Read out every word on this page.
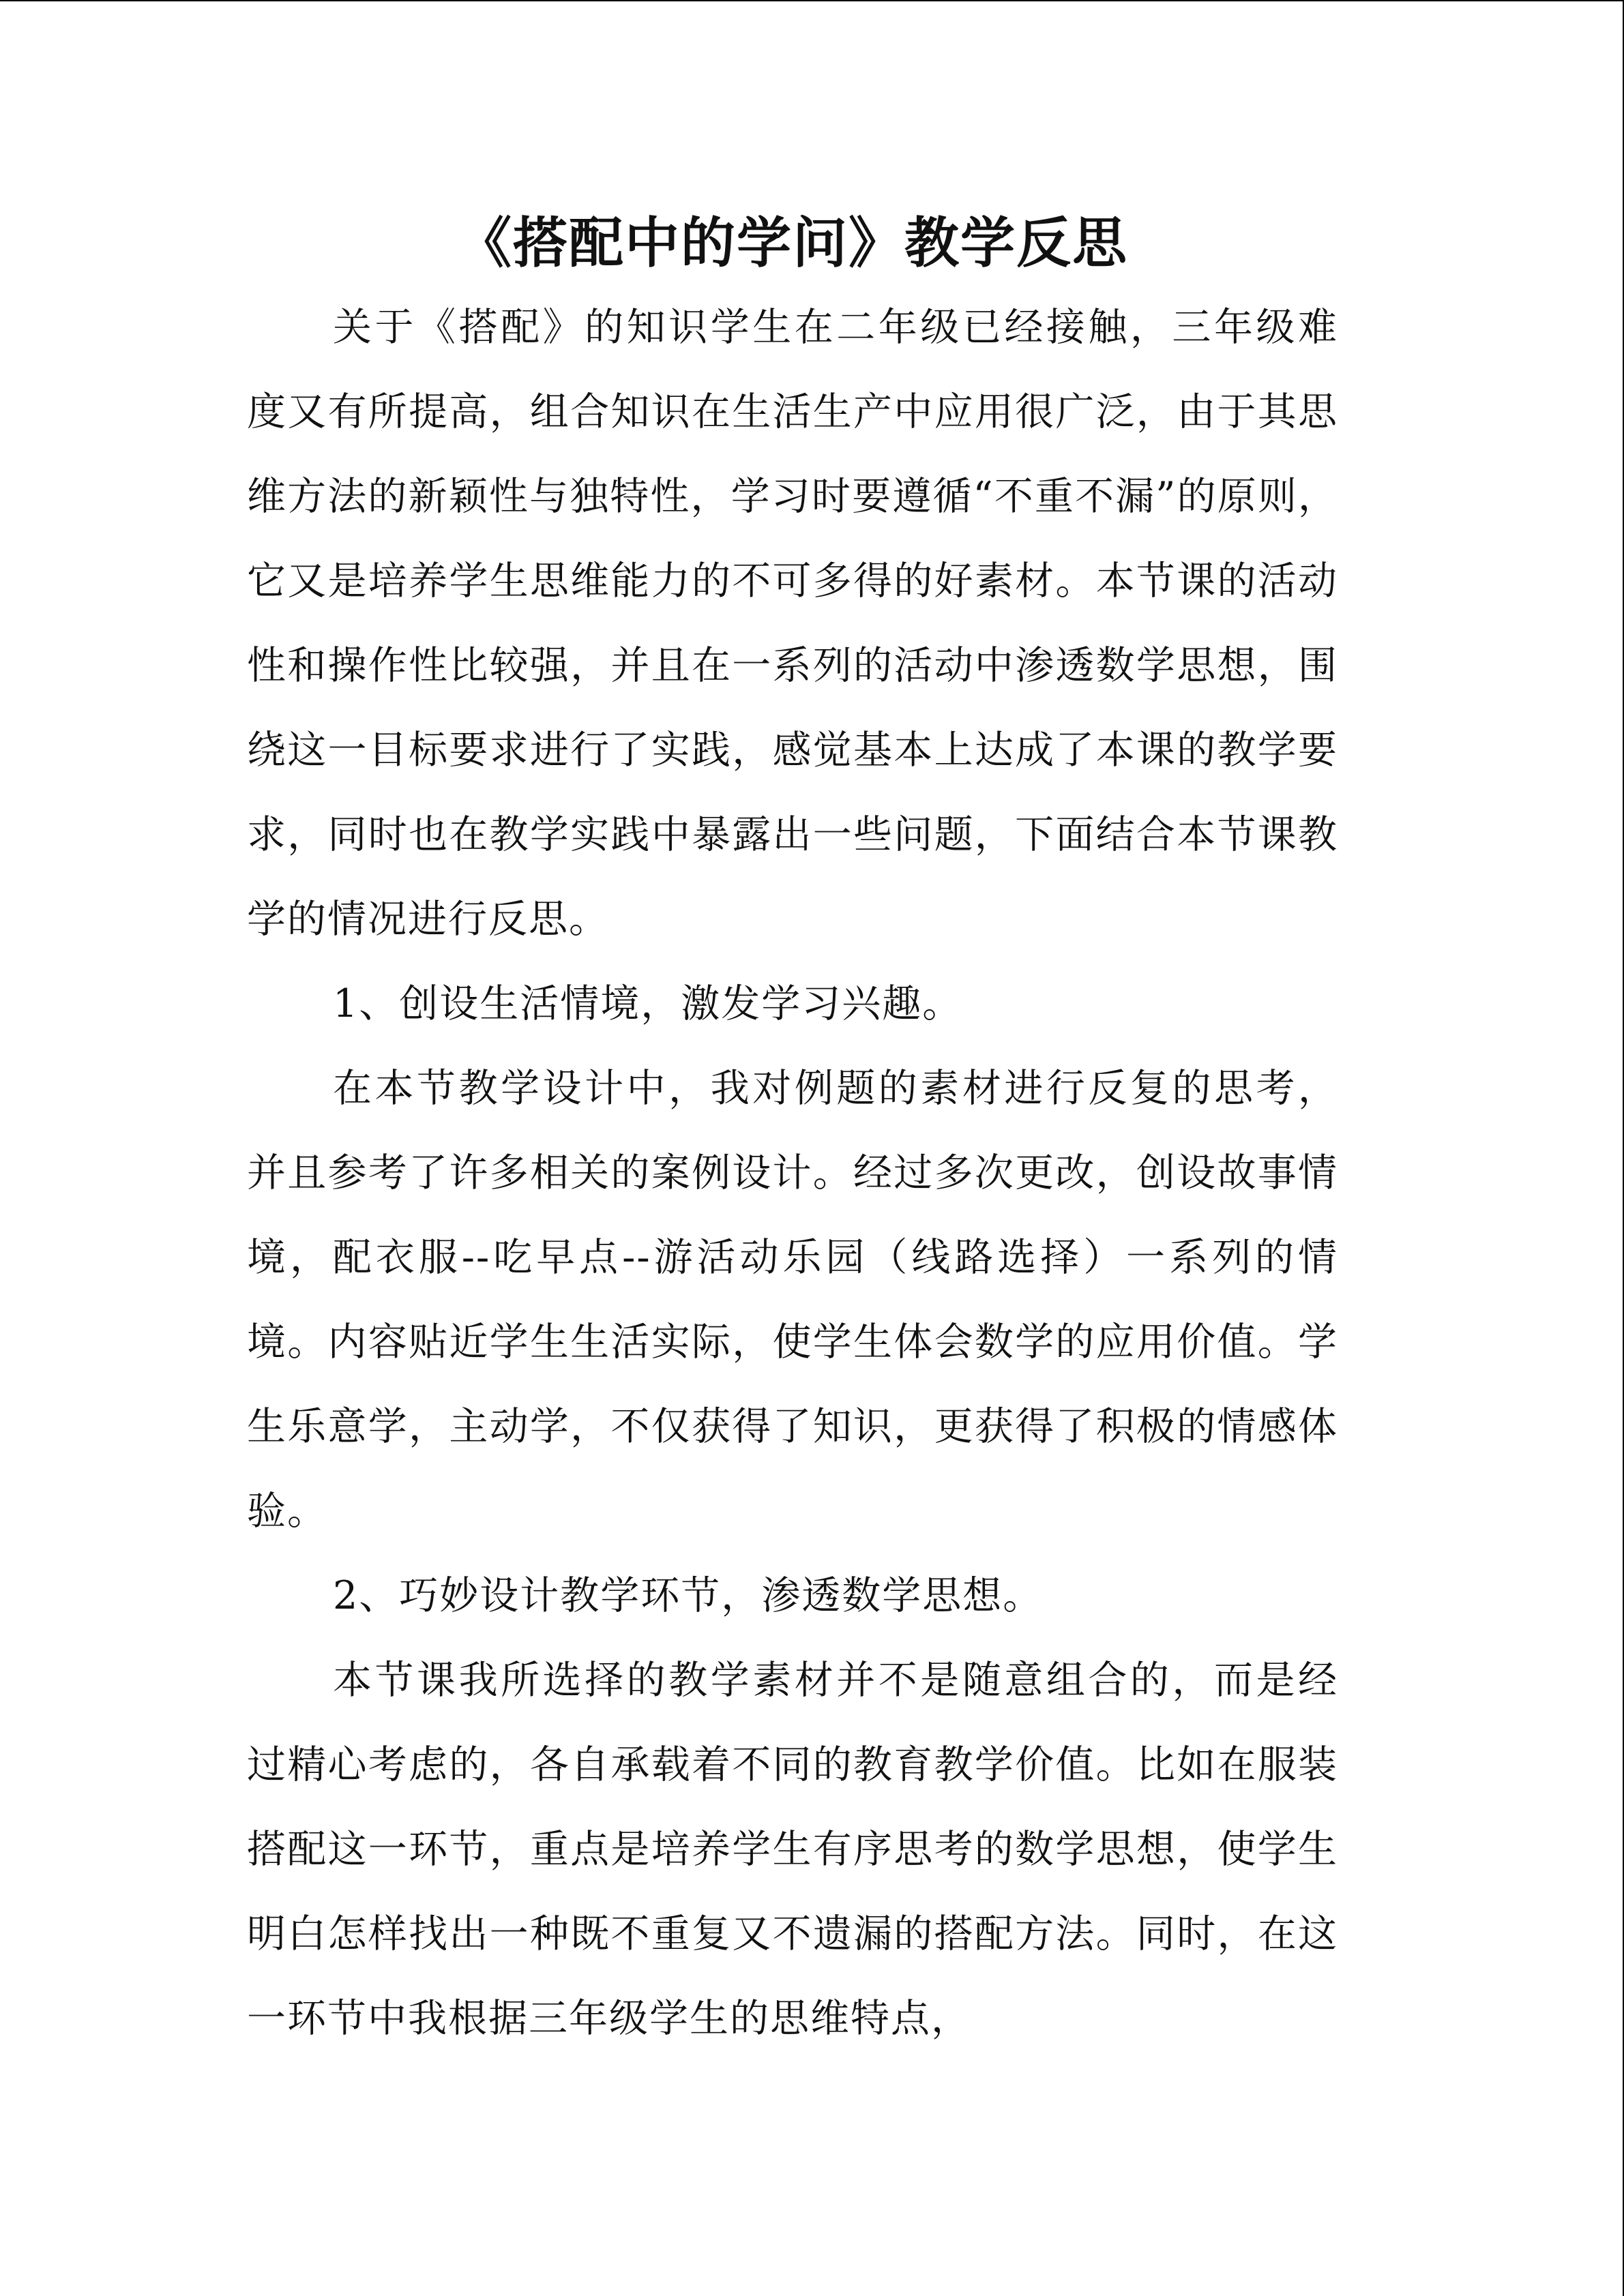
《搭配中的学问》教学反思

关于《搭配》的知识学生在二年级已经接触，三年级难度又有所提高，组合知识在生活生产中应用很广泛，由于其思维方法的新颖性与独特性，学习时要遵循“不重不漏”的原则，它又是培养学生思维能力的不可多得的好素材。本节课的活动性和操作性比较强，并且在一系列的活动中渗透数学思想，围绕这一目标要求进行了实践，感觉基本上达成了本课的教学要求，同时也在教学实践中暴露出一些问题，下面结合本节课教学的情况进行反思。

1、创设生活情境，激发学习兴趣。

在本节教学设计中，我对例题的素材进行反复的思考，并且参考了许多相关的案例设计。经过多次更改，创设故事情境，配衣服--吃早点--游活动乐园（线路选择）一系列的情境。内容贴近学生生活实际，使学生体会数学的应用价值。学生乐意学，主动学，不仅获得了知识，更获得了积极的情感体验。

2、巧妙设计教学环节，渗透数学思想。

本节课我所选择的教学素材并不是随意组合的，而是经过精心考虑的，各自承载着不同的教育教学价值。比如在服装搭配这一环节，重点是培养学生有序思考的数学思想，使学生明白怎样找出一种既不重复又不遗漏的搭配方法。同时，在这一环节中我根据三年级学生的思维特点，
